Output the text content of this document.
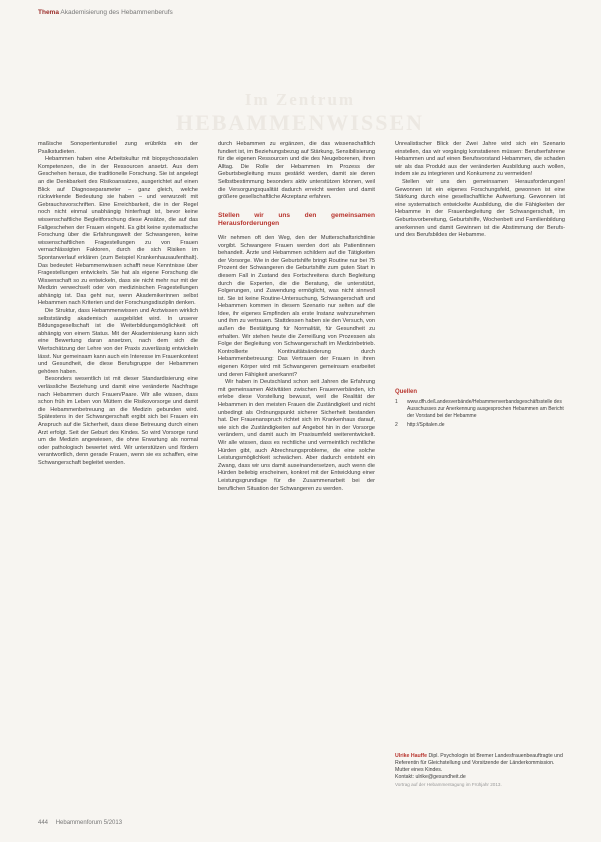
Thema Akademisierung des Hebammenberufs
Im Zentrum
HEBAMMENWISSEN

maßische Sonopertentunstiel zung erübrikts ein der Psalkstudieten.

Hebammen haben eine Arbeitskultur mit biopsychosozialen Kompetenzen, die in der Ressourcen ansetzt. Aus dem Geschehen heraus, die traditionelle Forschung. Sie ist angelegt an die Denkbarkeit des Risikoansatzes, ausgerichtet auf einen Blick auf Diagnoseparameter – ganz gleich, welche rückwirkende Bedeutung sie haben – und verwurzelt mit Gebrauchsvorschriften. Eine Erreichbarkeit, die in der Regel noch nicht einmal unabhängig hinterfragt ist, bevor keine wissenschaftliche Begleitforschung diese Ansätze, die auf das Fallgeschehen der Frauen eingeht. Es gibt keine systematische Forschung über die Erfahrungswelt der Schwangeren, keine wissenschaftlichen Fragestellungen zu von Frauen vernachlässigten Faktoren, durch die sich Risiken im Spontanverlauf erklären (zum Beispiel Krankenhausaufenthalt). Das bedeutet: Hebammenwissen schafft neue Kenntnisse über Fragestellungen entwickeln. Sie hat als eigene Forschung die Wissenschaft so zu entwickeln, dass sie nicht mehr nur mit der Medizin verwechselt oder von medizinischen Fragestellungen abhängig ist. Das geht nur, wenn Akademikerinnen selbst Hebammen nach Kriterien und der Forschungsdisziplin denken.

Die Struktur, dass Hebammenwissen und Arztwissen wirklich selbstständig akademisch ausgebildet wird. In unserer Bildungsgesellschaft ist die Weiterbildungsmöglichkeit oft abhängig von einem Status. Mit der Akademisierung kann sich eine Bewertung daran ansetzen, nach dem sich die Wertschätzung der Lehre von der Praxis zuverlässig entwickeln lässt. Nur gemeinsam kann auch ein Interesse im Frauenkontext und Gesundheit, die diese Berufsgruppe der Hebammen gehören haben.

Besonders wesentlich ist mit dieser Standardisierung eine verlässliche Beziehung und damit eine veränderte Nachfrage nach Hebammen durch Frauen/Paare. Wir alle wissen, dass schon früh im Leben von Müttern die Risikovorsorge und damit die Hebammenbetreuung an die Medizin gebunden wird. Spätestens in der Schwangerschaft ergibt sich bei Frauen ein Anspruch auf die Sicherheit, dass diese Betreuung durch einen Arzt erfolgt. Seit der Geburt des Kindes. So wird Vorsorge rund um die Medizin angewiesen, die ohne Erwartung als normal oder pathologisch bewertet wird. Wir unterstützen und fördern verantwortlich, denn gerade Frauen, wenn sie es schaffen, eine Schwangerschaft begleitet werden.

durch Hebammen zu ergänzen, die das wissenschaftlich fundiert ist, im Beziehungsbezug auf Stärkung, Sensibilisierung für die eigenen Ressourcen und die des Neugeborenen, ihren Alltag. Die Rolle der Hebammen im Prozess der Geburtsbegleitung muss gestärkt werden, damit sie deren Selbstbestimmung besonders aktiv unterstützen können, weil die Versorgungsqualität dadurch erreicht werden und damit größere gesellschaftliche Akzeptanz erfahren.

Stellen wir uns den gemeinsamen Herausforderungen

Wir nehmen oft den Weg, den der Mutterschaftsrichtlinie vorgibt. Schwangere Frauen werden dort als Patientinnen behandelt. Ärzte und Hebammen schildern auf die Tätigkeiten der Vorsorge. Wie in der Geburtshilfe bringt Routine nur bei 75 Prozent der Schwangeren die Geburtshilfe zum guten Start in diesem Fall in Zustand des Fortschreitens durch Begleitung durch die Experten, die die Beratung, die unterstützt, Folgerungen, und Zuwendung ermöglicht, was nicht sinnvoll ist. Sie ist keine Routine-Untersuchung, Schwangerschaft und Hebammen kommen in diesem Szenario nur selten auf die Idee, ihr eigenes Empfinden als erste Instanz wahrzunehmen und ihm zu vertrauen. Stattdessen haben sie den Versuch, von außen die Bestätigung für Normalität, für Gesundheit zu erhalten. Wir stehen heute die Zerreißung von Prozessen als Folge der Begleitung von Schwangerschaft im Medizinbetrieb. Kontrollierte Kontinuitätsänderung durch Hebammenbetreuung: Das Vertrauen der Frauen in ihren eigenen Körper wird mit Schwangeren gemeinsam erarbeitet und deren Fähigkeit anerkannt?

Wir haben in Deutschland schon seit Jahren die Erfahrung mit gemeinsamen Aktivitäten zwischen Frauenverbänden, ich erlebe diese Vorstellung bewusst, weil die Realität der Hebammen in den meisten Frauen die Zuständigkeit und nicht unbedingt als Ordnungspunkt sicherer Sicherheit bestanden hat. Der Frauenanspruch richtet sich im Krankenhaus darauf, wie sich die Zuständigkeiten auf Angebot hin in der Vorsorge verändern, und damit auch im Praxisumfeld weiterentwickelt. Wir alle wissen, dass es rechtliche und vermeintlich rechtliche Hürden gibt, auch Abrechnungsprobleme, die eine solche Leistungsmöglichkeit schwächen. Aber dadurch entsteht ein Zwang, dass wir uns damit auseinandersetzen, auch wenn die Hürden beliebig erscheinen, konkret mit der Entwicklung einer Leistungsgrundlage für die Zusammenarbeit bei der beruflichen Situation der Schwangeren zu werden.

Unrealistischer Blick der Zwei Jahre wird sich ein Szenario einstellen, das wir vorgängig konstatieren müssen: Berufserfahrene Hebammen und auf einen Berufsvorstand Hebammen, die schaden wir als das Produkt aus der veränderten Ausbildung auch wollen, indem sie zu integrieren und Konkurrenz zu vermeiden!

Stellen wir uns den gemeinsamen Herausforderungen! Gewonnen ist ein eigenes Forschungsfeld, gewonnen ist eine Stärkung durch eine gesellschaftliche Aufwertung. Gewonnen ist eine systematisch entwickelte Ausbildung, die die Fähigkeiten der Hebamme in der Frauenbegleitung der Schwangerschaft, im Geburtsvorbereitung, Geburtshilfe, Wochenbett und Familienbildung anerkennen und damit Gewinnen ist die Abstimmung der Berufs- und des Berufsbildes der Hebamme.

Quellen
1 www.dfh.de/Landesverbände/Hebammenverbandsgeschäftsstelle des Ausschusses zur Anerkennung ausgesprochen Hebammen am Bericht der Vorstand bei der Hebamme
2 http://Spitalen.de
Ulrike Hauffe Dipl. Psychologin ist Bremer Landesfrauenbeauftragte und Referentin für Gleichstellung und Vorsitzende der Länderkommission. Mutter eines Kindes.
Kontakt: ulrike@gesundheit.de
Vortrag auf der Hebammentagung im Frühjahr 2013.
444 Hebammenforum 5/2013
